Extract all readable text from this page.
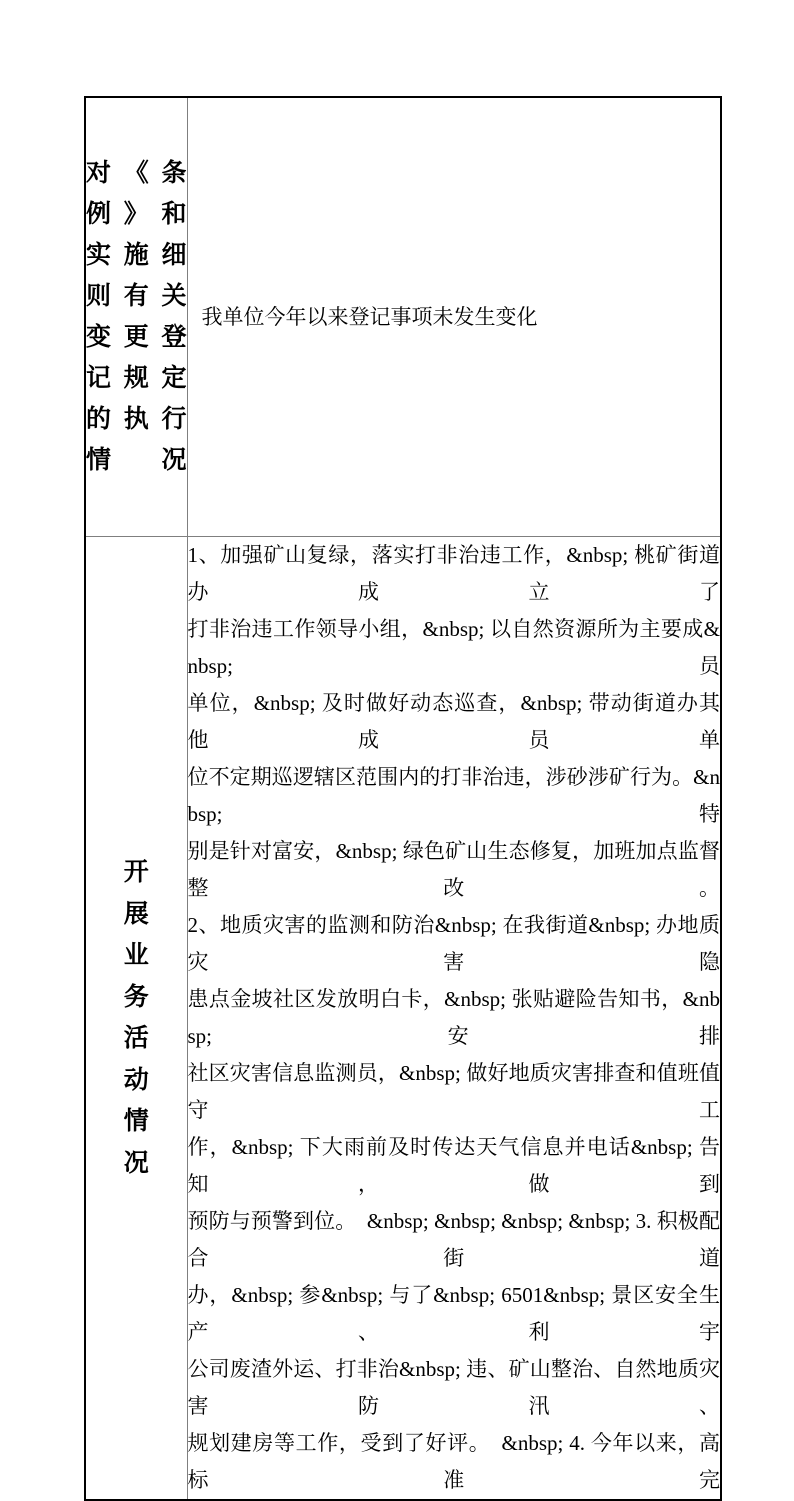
对《条
例》和
实施细
则有关
变更登
记规定
的执行
情　况

我单位今年以来登记事项未发生变化

开
展
业
务
活
动
情
况

1、加强矿山复绿，落实打非治违工作，&nbsp; 桃矿街道办成立了
打非治违工作领导小组，&nbsp; 以自然资源所为主要成&nbsp; 员
单位，&nbsp; 及时做好动态巡查，&nbsp; 带动街道办其他成员单
位不定期巡逻辖区范围内的打非治违，涉砂涉矿行为。&nbsp; 特
别是针对富安，&nbsp; 绿色矿山生态修复，加班加点监督整改。
2、地质灾害的监测和防治&nbsp; 在我街道&nbsp; 办地质灾害隐
患点金坡社区发放明白卡，&nbsp; 张贴避险告知书，&nbsp; 安排
社区灾害信息监测员，&nbsp; 做好地质灾害排查和值班值守工
作，&nbsp; 下大雨前及时传达天气信息并电话&nbsp; 告知，做到
预防与预警到位。　&nbsp; &nbsp; &nbsp; &nbsp; 3. 积极配合街道
办，&nbsp; 参&nbsp; 与了&nbsp; 6501&nbsp; 景区安全生产、利宇
公司废渣外运、打非治&nbsp; 违、矿山整治、自然地质灾害防汛、
规划建房等工作，受到了好评。　&nbsp; 4. 今年以来，高标准完
